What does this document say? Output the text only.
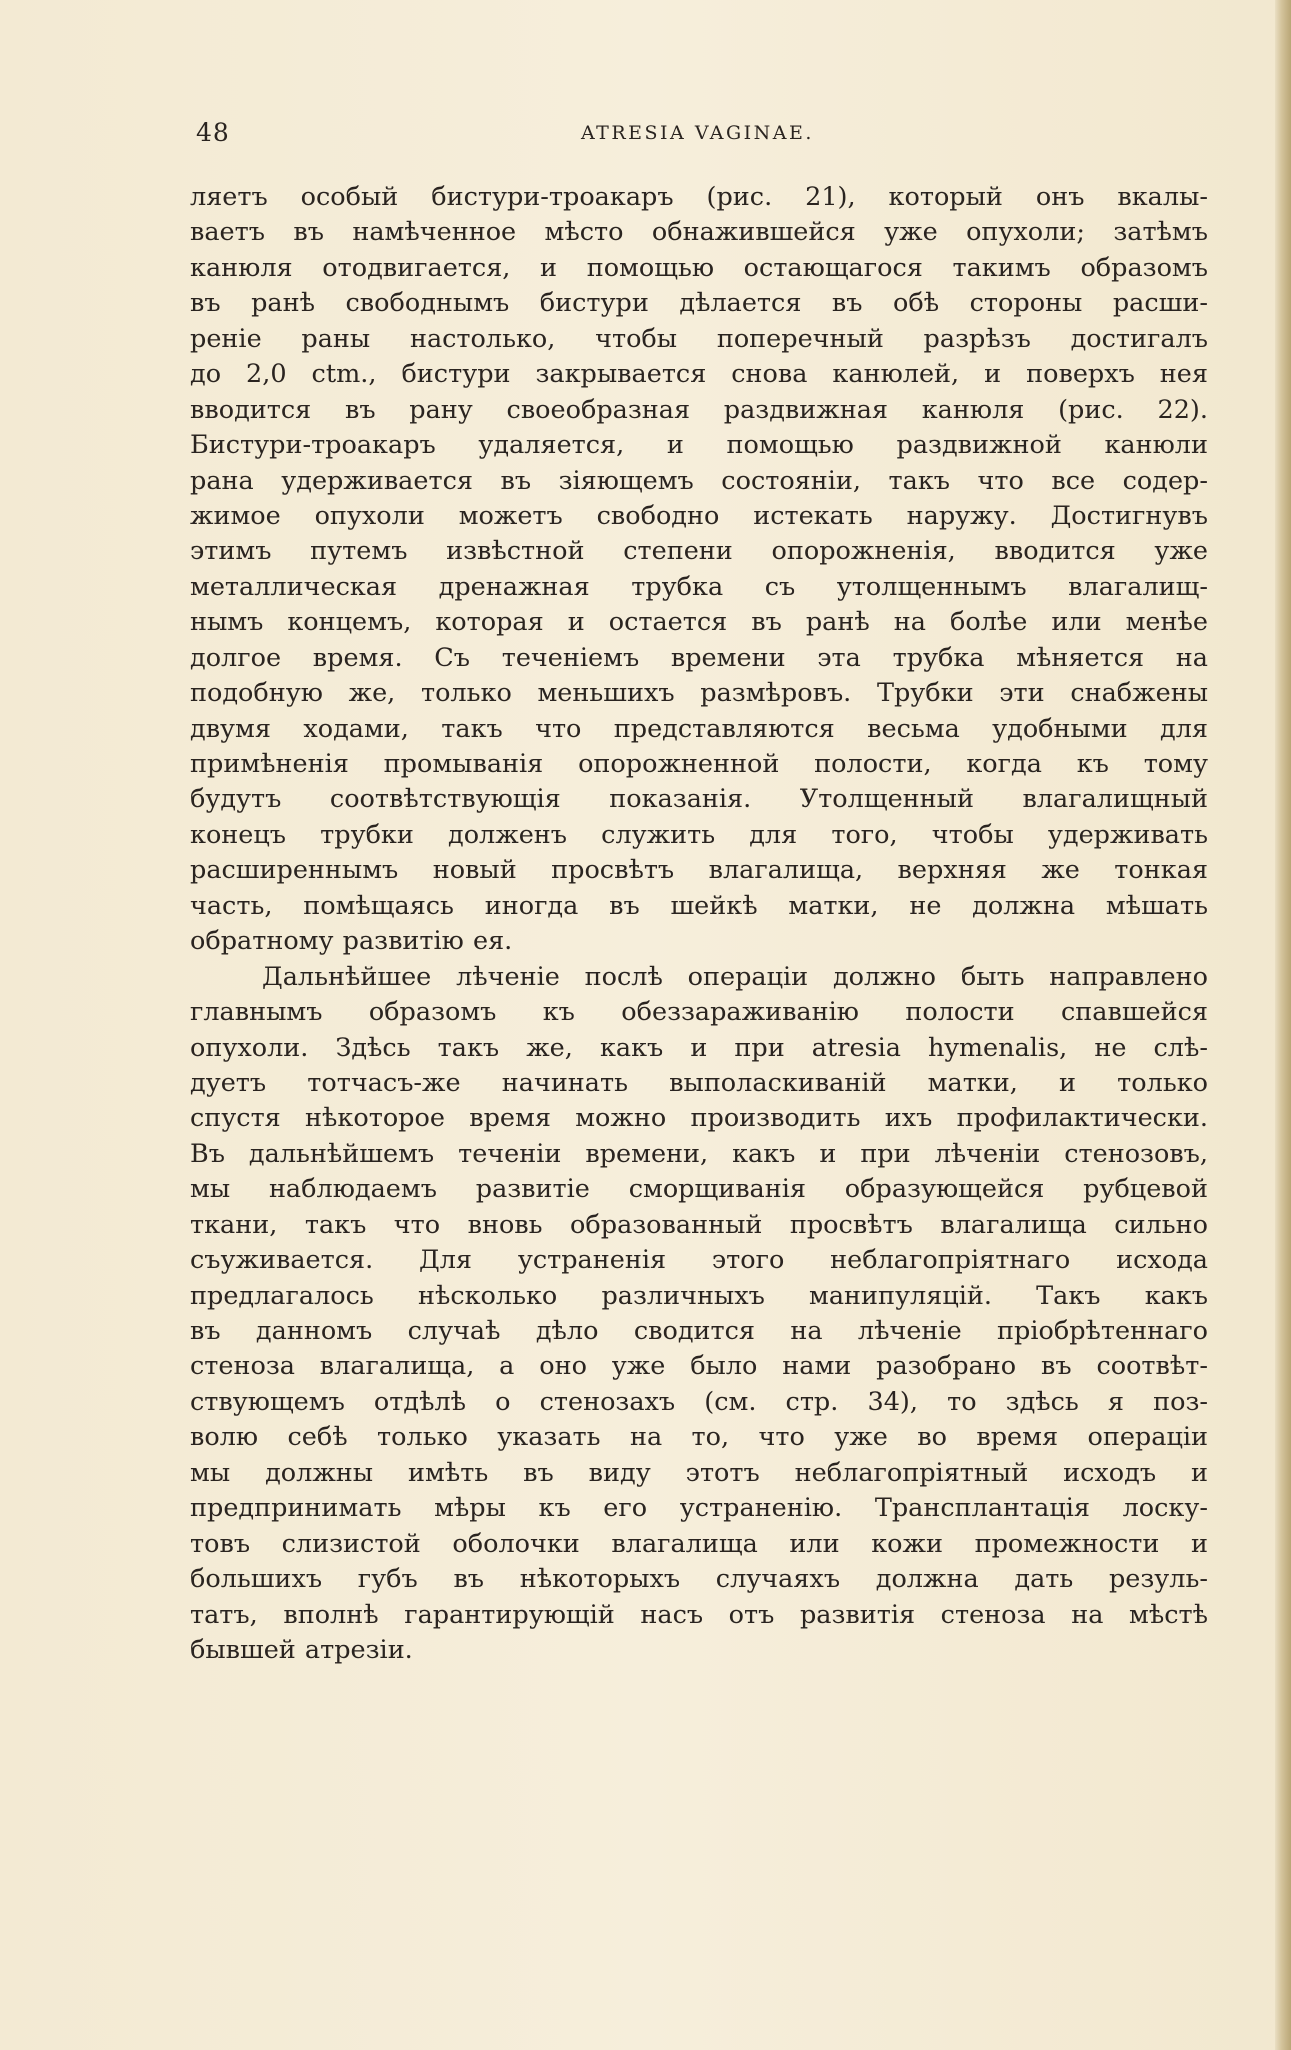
48	ATRESIA VAGINAE.
ляетъ особый бистури-троакаръ (рис. 21), который онъ вкалы-
ваетъ въ намѣченное мѣсто обнажившейся уже опухоли; затѣмъ
канюля отодвигается, и помощью остающагося такимъ образомъ
въ ранѣ свободнымъ бистури дѣлается въ обѣ стороны расши-
реніе раны настолько, чтобы поперечный разрѣзъ достигалъ
до 2,0 ctm., бистури закрывается снова канюлей, и поверхъ нея
вводится въ рану своеобразная раздвижная канюля (рис. 22).
Бистури-троакаръ удаляется, и помощью раздвижной канюли
рана удерживается въ зіяющемъ состояніи, такъ что все содер-
жимое опухоли можетъ свободно истекать наружу. Достигнувъ
этимъ путемъ извѣстной степени опорожненія, вводится уже
металлическая дренажная трубка съ утолщеннымъ влагалищ-
нымъ концемъ, которая и остается въ ранѣ на болѣе или менѣе
долгое время. Съ теченіемъ времени эта трубка мѣняется на
подобную же, только меньшихъ размѣровъ. Трубки эти снабжены
двумя ходами, такъ что представляются весьма удобными для
примѣненія промыванія опорожненной полости, когда къ тому
будутъ соотвѣтствующія показанія. Утолщенный влагалищный
конецъ трубки долженъ служить для того, чтобы удерживать
расширеннымъ новый просвѣтъ влагалища, верхняя же тонкая
часть, помѣщаясь иногда въ шейкѣ матки, не должна мѣшать
обратному развитію ея.
Дальнѣйшее лѣченіе послѣ операціи должно быть направлено
главнымъ образомъ къ обеззараживанію полости спавшейся
опухоли. Здѣсь такъ же, какъ и при atresia hymenalis, не слѣ-
дуетъ тотчасъ-же начинать выполаскиваній матки, и только
спустя нѣкоторое время можно производить ихъ профилактически.
Въ дальнѣйшемъ теченіи времени, какъ и при лѣченіи стенозовъ,
мы наблюдаемъ развитіе сморщиванія образующейся рубцевой
ткани, такъ что вновь образованный просвѣтъ влагалища сильно
съуживается. Для устраненія этого неблагопріятнаго исхода
предлагалось нѣсколько различныхъ манипуляцій. Такъ какъ
въ данномъ случаѣ дѣло сводится на лѣченіе пріобрѣтеннаго
стеноза влагалища, а оно уже было нами разобрано въ соотвѣт-
ствующемъ отдѣлѣ о стенозахъ (см. стр. 34), то здѣсь я поз-
волю себѣ только указать на то, что уже во время операціи
мы должны имѣть въ виду этотъ неблагопріятный исходъ и
предпринимать мѣры къ его устраненію. Трансплантація лоску-
товъ слизистой оболочки влагалища или кожи промежности и
большихъ губъ въ нѣкоторыхъ случаяхъ должна дать резуль-
татъ, вполнѣ гарантирующій насъ отъ развитія стеноза на мѣстѣ
бывшей атрезіи.
